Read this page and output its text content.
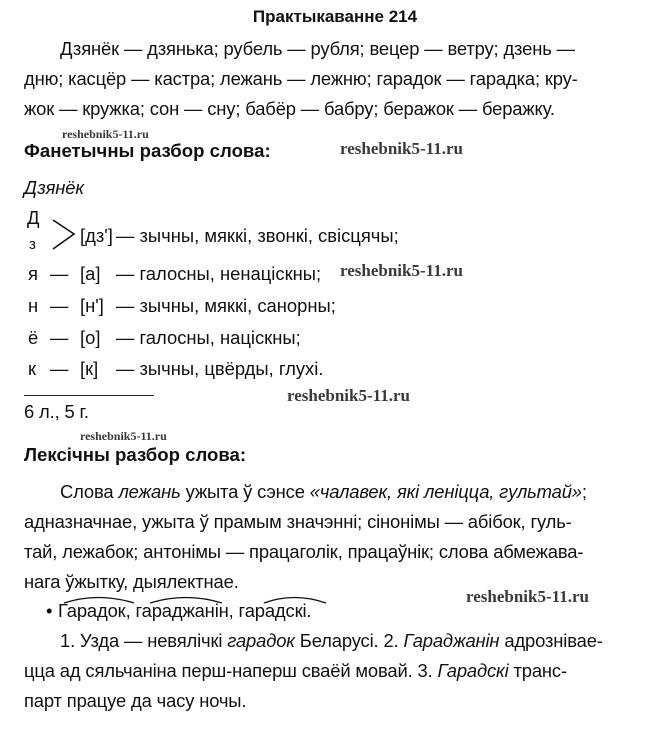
Практыкаванне 214
Дзянёк — дзянька; рубель — рубля; вецер — ветру; дзень —
дню; касцёр — кастра; лежань — лежню; гарадок — гарадка; кру-
жок — кружка; сон — сну; бабёр — бабру; беражок — беражку.
reshebnik5-11.ru
reshebnik5-11.ru
reshebnik5-11.ru
reshebnik5-11.ru
reshebnik5-11.ru
reshebnik5-11.ru
Фанетычны разбор слова:
Дзянёк
Д
з [дз'] — зычны, мяккі, звонкі, свісцячы;
я — [а] — галосны, ненаціскны;
н — [н'] — зычны, мяккі, санорны;
ё — [о] — галосны, націскны;
к — [к] — зычны, цвёрды, глухі.
6 л., 5 г.
Лексічны разбор слова:
Слова лежань ужыта ў сэнсе «чалавек, які леніцца, гультай»;
адназначнае, ужыта ў прамым значэнні; сінонімы — абібок, гуль-
тай, лежабок; антонімы — працаголік, працаўнік; слова абмежава-
нага ўжытку, дыялектнае.
• Гарадок, гараджанін, гарадскі.
1. Узда — невялічкі гарадок Беларусі. 2. Гараджанін адрознівае-
цца ад сяльчаніна перш-наперш сваёй мовай. 3. Гарадскі транс-
парт працуе да часу ночы.
